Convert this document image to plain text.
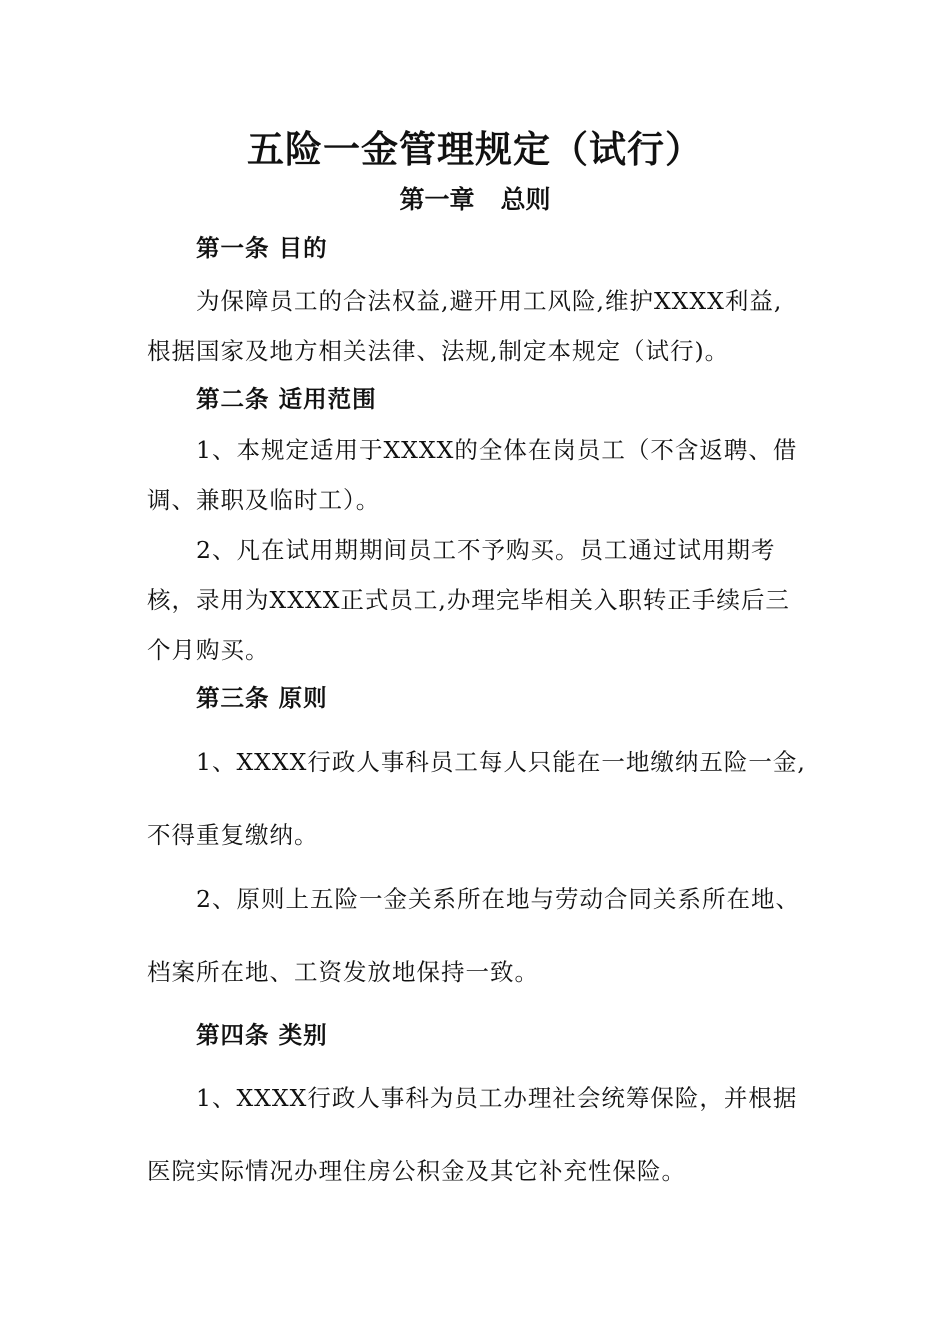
五险一金管理规定（试行）
第一章 总则
第一条 目的
为保障员工的合法权益,避开用工风险,维护XXXX利益,
根据国家及地方相关法律、法规,制定本规定（试行)。
第二条 适用范围
1、本规定适用于XXXX的全体在岗员工（不含返聘、借
调、兼职及临时工）。
2、凡在试用期期间员工不予购买。员工通过试用期考
核，录用为XXXX正式员工,办理完毕相关入职转正手续后三
个月购买。
第三条 原则
1、XXXX行政人事科员工每人只能在一地缴纳五险一金,
不得重复缴纳。
2、原则上五险一金关系所在地与劳动合同关系所在地、
档案所在地、工资发放地保持一致。
第四条 类别
1、XXXX行政人事科为员工办理社会统筹保险，并根据
医院实际情况办理住房公积金及其它补充性保险。
